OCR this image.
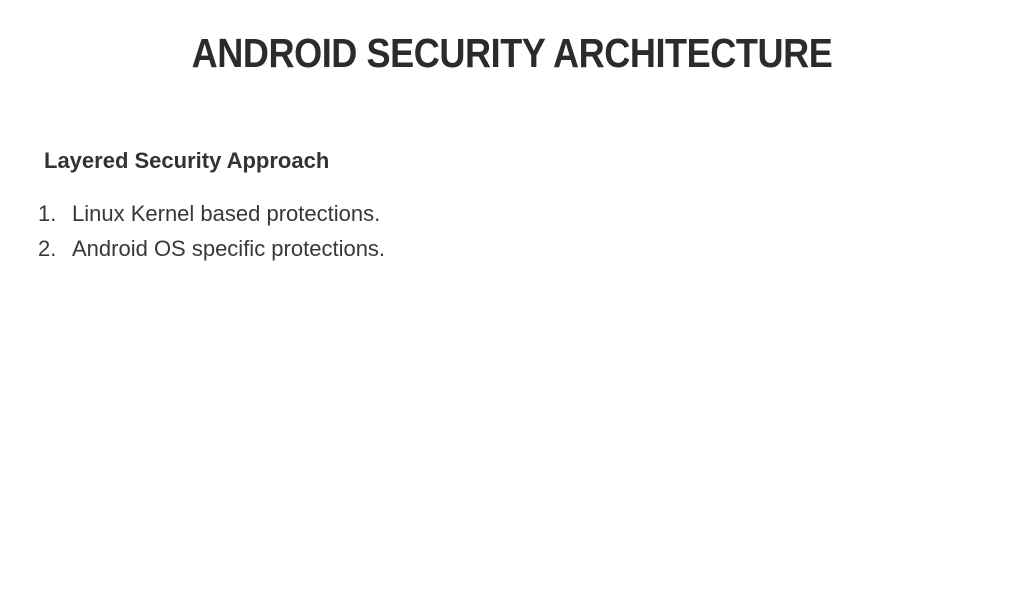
ANDROID SECURITY ARCHITECTURE
Layered Security Approach
1. Linux Kernel based protections.
2. Android OS specific protections.
